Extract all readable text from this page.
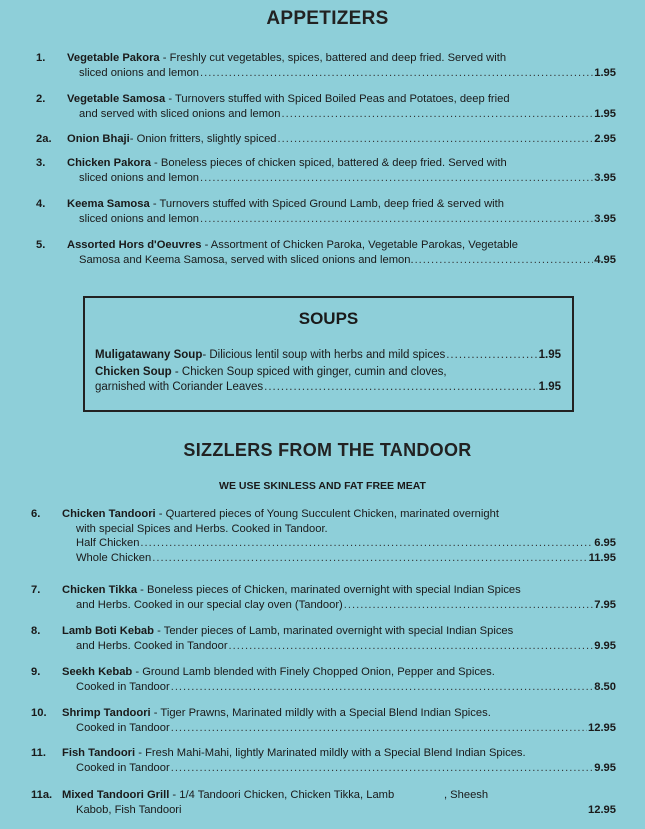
APPETIZERS
1. Vegetable Pakora - Freshly cut vegetables, spices, battered and deep fried. Served with
sliced onions and lemon .....	1.95
2. Vegetable Samosa - Turnovers stuffed with Spiced Boiled Peas and Potatoes, deep fried
and served with sliced onions and lemon .....	1.95
2a. Onion Bhaji - Onion fritters, slightly spiced .....	2.95
3. Chicken Pakora - Boneless pieces of chicken spiced, battered & deep fried. Served with
sliced onions and lemon .....	3.95
4. Keema Samosa - Turnovers stuffed with Spiced Ground Lamb, deep fried & served with
sliced onions and lemon .....	3.95
5. Assorted Hors d'Oeuvres - Assortment of Chicken Paroka, Vegetable Parokas, Vegetable
Samosa and Keema Samosa, served with sliced onions and lemon. .....	4.95
SOUPS
Muligatawany Soup - Dilicious lentil soup with herbs and mild spices .....	1.95
Chicken Soup - Chicken Soup spiced with ginger, cumin and cloves,
garnished with Coriander Leaves .....	1.95
SIZZLERS FROM THE TANDOOR
WE USE SKINLESS AND FAT FREE MEAT
6. Chicken Tandoori - Quartered pieces of Young Succulent Chicken, marinated overnight
with special Spices and Herbs. Cooked in Tandoor.
Half Chicken .....	6.95
Whole Chicken .....	11.95
7. Chicken Tikka - Boneless pieces of Chicken, marinated overnight with special Indian Spices
and Herbs. Cooked in our special clay oven (Tandoor) .....	7.95
8. Lamb Boti Kebab - Tender pieces of Lamb, marinated overnight with special Indian Spices
and Herbs. Cooked in Tandoor .....	9.95
9. Seekh Kebab - Ground Lamb blended with Finely Chopped Onion, Pepper and Spices.
Cooked in Tandoor .....	8.50
10. Shrimp Tandoori - Tiger Prawns, Marinated mildly with a Special Blend Indian Spices.
Cooked in Tandoor .....	12.95
11. Fish Tandoori - Fresh Mahi-Mahi, lightly Marinated mildly with a Special Blend Indian Spices.
Cooked in Tandoor .....	9.95
11a. Mixed Tandoori Grill - 1/4 Tandoori Chicken, Chicken Tikka, Lamb                , Sheesh
Kabob, Fish Tandoori	12.95
